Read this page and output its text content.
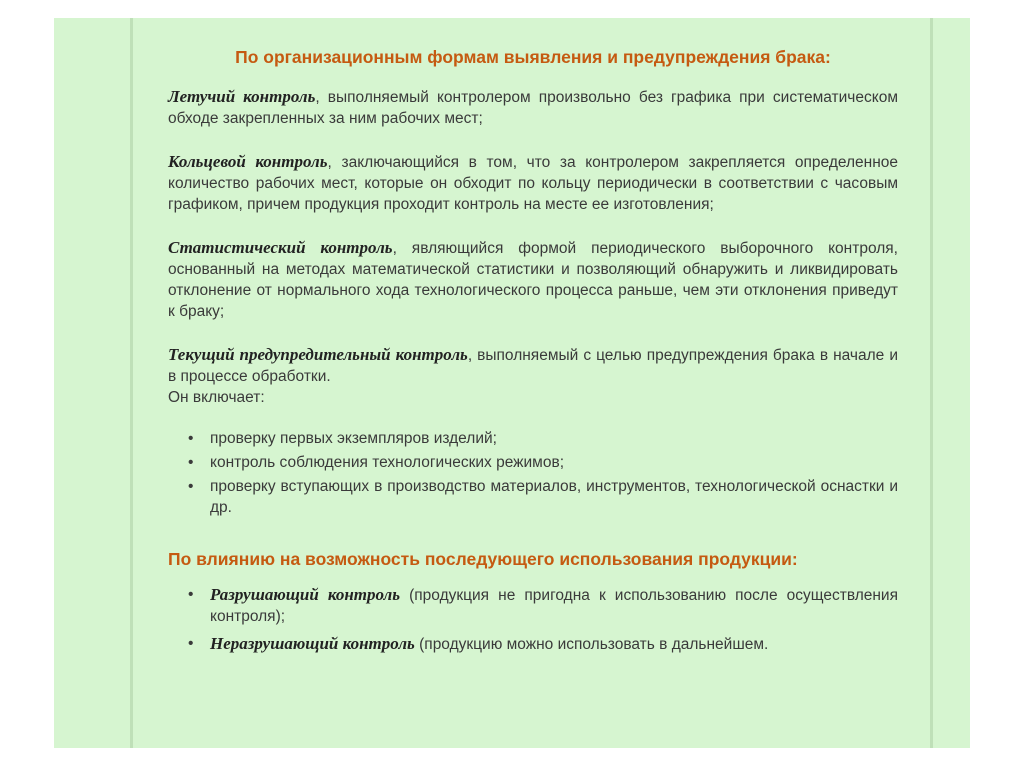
По организационным формам выявления и предупреждения брака:
Летучий контроль, выполняемый контролером произвольно без графика при систематическом обходе закрепленных за ним рабочих мест;
Кольцевой контроль, заключающийся в том, что за контролером закрепляется определенное количество рабочих мест, которые он обходит по кольцу периодически в соответствии с часовым графиком, причем продукция проходит контроль на месте ее изготовления;
Статистический контроль, являющийся формой периодического выборочного контроля, основанный на методах математической статистики и позволяющий обнаружить и ликвидировать отклонение от нормального хода технологического процесса раньше, чем эти отклонения приведут к браку;
Текущий предупредительный контроль, выполняемый с целью предупреждения брака в начале и в процессе обработки.
Он включает:
• проверку первых экземпляров изделий;
• контроль соблюдения технологических режимов;
• проверку вступающих в производство материалов, инструментов, технологической оснастки и др.
По влиянию на возможность последующего использования продукции:
• Разрушающий контроль (продукция не пригодна к использованию после осуществления контроля);
• Неразрушающий контроль (продукцию можно использовать в дальнейшем.
